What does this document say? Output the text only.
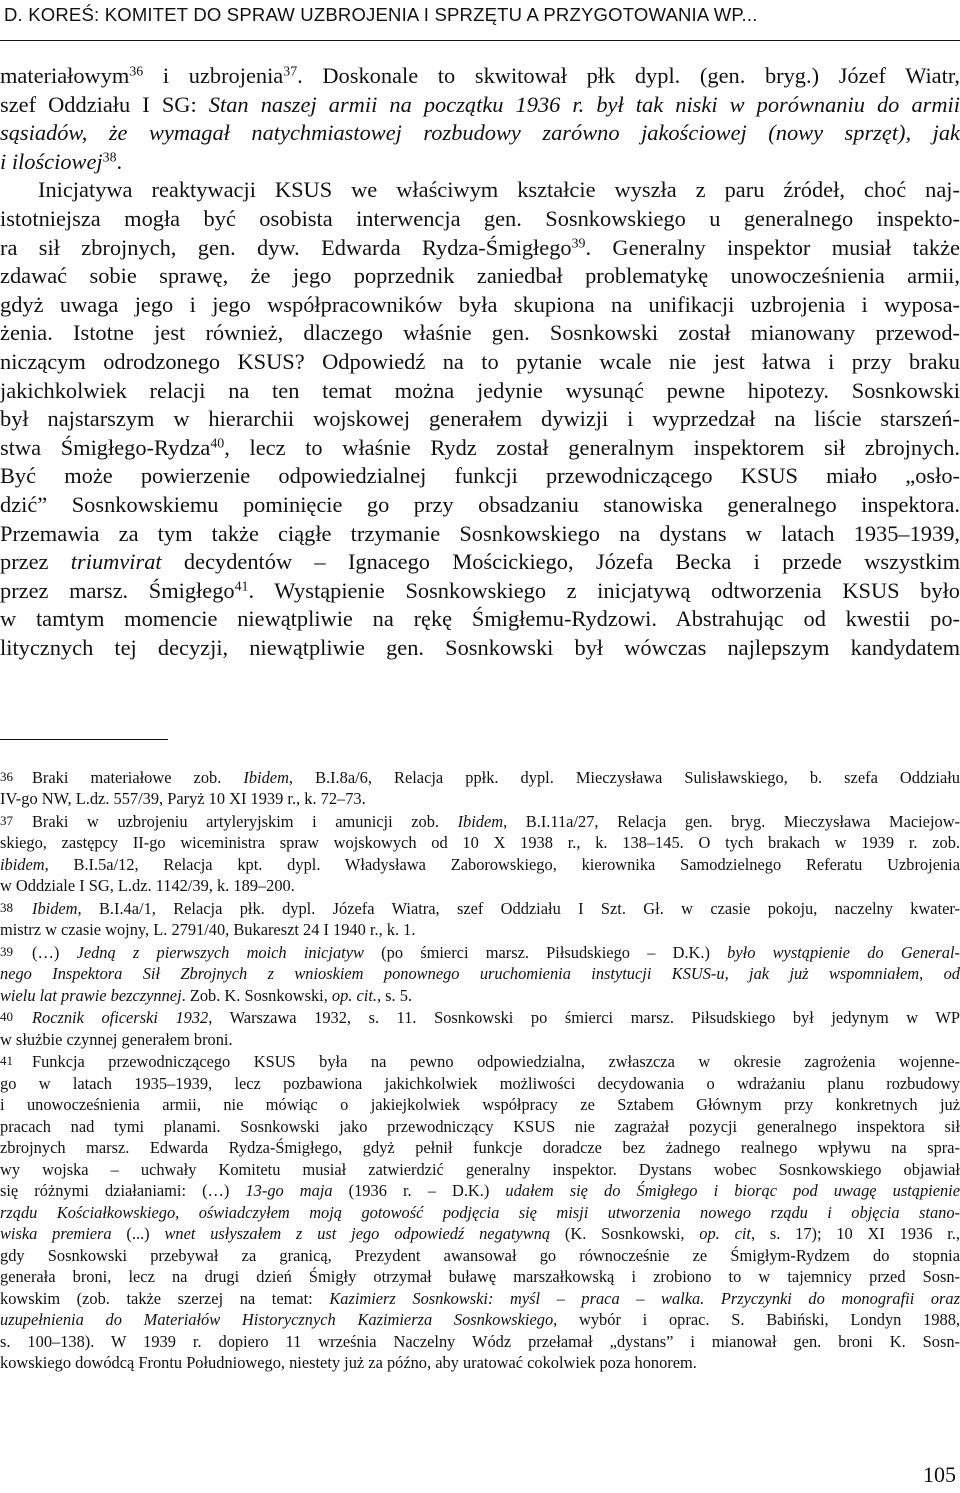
D. KOREŚ: KOMITET DO SPRAW UZBROJENIA I SPRZĘTU A PRZYGOTOWANIA WP...
materiałowym$^{36}$ i uzbrojenia$^{37}$. Doskonale to skwitował płk dypl. (gen. bryg.) Józef Wiatr,
szef Oddziału I SG: Stan naszej armii na początku 1936 r. był tak niski w porównaniu do armii
sąsiadów, że wymagał natychmiastowej rozbudowy zarówno jakościowej (nowy sprzęt), jak
i ilościowej$^{38}$.
Inicjatywa reaktywacji KSUS we właściwym kształcie wyszła z paru źródeł, choć naj-
istotniejsza mogła być osobista interwencja gen. Sosnkowskiego u generalnego inspekto-
ra sił zbrojnych, gen. dyw. Edwarda Rydza-Śmigłego$^{39}$. Generalny inspektor musiał także
zdawać sobie sprawę, że jego poprzednik zaniedbał problematykę unowocześnienia armii,
gdyż uwaga jego i jego współpracowników była skupiona na unifikacji uzbrojenia i wyposa-
żenia. Istotne jest również, dlaczego właśnie gen. Sosnkowski został mianowany przewod-
niczącym odrodzonego KSUS? Odpowiedź na to pytanie wcale nie jest łatwa i przy braku
jakichkolwiek relacji na ten temat można jedynie wysunąć pewne hipotezy. Sosnkowski
był najstarszym w hierarchii wojskowej generałem dywizji i wyprzedzał na liście starszeń-
stwa Śmigłego-Rydza$^{40}$, lecz to właśnie Rydz został generalnym inspektorem sił zbrojnych.
Być może powierzenie odpowiedzialnej funkcji przewodniczącego KSUS miało „osło-
dzić” Sosnkowskiemu pominięcie go przy obsadzaniu stanowiska generalnego inspektora.
Przemawia za tym także ciągłe trzymanie Sosnkowskiego na dystans w latach 1935–1939,
przez triumvirat decydentów – Ignacego Mościckiego, Józefa Becka i przede wszystkim
przez marsz. Śmigłego$^{41}$. Wystąpienie Sosnkowskiego z inicjatywą odtworzenia KSUS było
w tamtym momencie niewątpliwie na rękę Śmigłemu-Rydzowi. Abstrahując od kwestii po-
litycznych tej decyzji, niewątpliwie gen. Sosnkowski był wówczas najlepszym kandydatem
36 Braki materiałowe zob. Ibidem, B.I.8a/6, Relacja ppłk. dypl. Mieczysława Sulisławskiego, b. szefa Oddziału
IV-go NW, L.dz. 557/39, Paryż 10 XI 1939 r., k. 72–73.
37 Braki w uzbrojeniu artyleryjskim i amunicji zob. Ibidem, B.I.11a/27, Relacja gen. bryg. Mieczysława Maciejow-
skiego, zastępcy II-go wiceministra spraw wojskowych od 10 X 1938 r., k. 138–145. O tych brakach w 1939 r. zob.
ibidem, B.I.5a/12, Relacja kpt. dypl. Władysława Zaborowskiego, kierownika Samodzielnego Referatu Uzbrojenia
w Oddziale I SG, L.dz. 1142/39, k. 189–200.
38 Ibidem, B.I.4a/1, Relacja płk. dypl. Józefa Wiatra, szef Oddziału I Szt. Gł. w czasie pokoju, naczelny kwater-
mistrz w czasie wojny, L. 2791/40, Bukareszt 24 I 1940 r., k. 1.
39 (…) Jedną z pierwszych moich inicjatyw (po śmierci marsz. Piłsudskiego – D.K.) było wystąpienie do General-
nego Inspektora Sił Zbrojnych z wnioskiem ponownego uruchomienia instytucji KSUS-u, jak już wspomniałem, od
wielu lat prawie bezczynnej. Zob. K. Sosnkowski, op. cit., s. 5.
40 Rocznik oficerski 1932, Warszawa 1932, s. 11. Sosnkowski po śmierci marsz. Piłsudskiego był jedynym w WP
w służbie czynnej generałem broni.
41 Funkcja przewodniczącego KSUS była na pewno odpowiedzialna, zwłaszcza w okresie zagrożenia wojenne-
go w latach 1935–1939, lecz pozbawiona jakichkolwiek możliwości decydowania o wdrażaniu planu rozbudowy
i unowocześnienia armii, nie mówiąc o jakiejkolwiek współpracy ze Sztabem Głównym przy konkretnych już
pracach nad tymi planami. Sosnkowski jako przewodniczący KSUS nie zagrażał pozycji generalnego inspektora sił
zbrojnych marsz. Edwarda Rydza-Śmigłego, gdyż pełnił funkcje doradcze bez żadnego realnego wpływu na spra-
wy wojska – uchwały Komitetu musiał zatwierdzić generalny inspektor. Dystans wobec Sosnkowskiego objawiał
się różnymi działaniami: (…) 13-go maja (1936 r. – D.K.) udałem się do Śmigłego i biorąc pod uwagę ustąpienie
rządu Kościałkowskiego, oświadczyłem moją gotowość podjęcia się misji utworzenia nowego rządu i objęcia stano-
wiska premiera (...) wnet usłyszałem z ust jego odpowiedź negatywną (K. Sosnkowski, op. cit, s. 17); 10 XI 1936 r.,
gdy Sosnkowski przebywał za granicą, Prezydent awansował go równocześnie ze Śmigłym-Rydzem do stopnia
generała broni, lecz na drugi dzień Śmigły otrzymał buławę marszałkowską i zrobiono to w tajemnicy przed Sosn-
kowskim (zob. także szerzej na temat: Kazimierz Sosnkowski: myśl – praca – walka. Przyczynki do monografii oraz
uzupełnienia do Materiałów Historycznych Kazimierza Sosnkowskiego, wybór i oprac. S. Babiński, Londyn 1988,
s. 100–138). W 1939 r. dopiero 11 września Naczelny Wódz przełamał „dystans” i mianował gen. broni K. Sosn-
kowskiego dowódcą Frontu Południowego, niestety już za późno, aby uratować cokolwiek poza honorem.
105
